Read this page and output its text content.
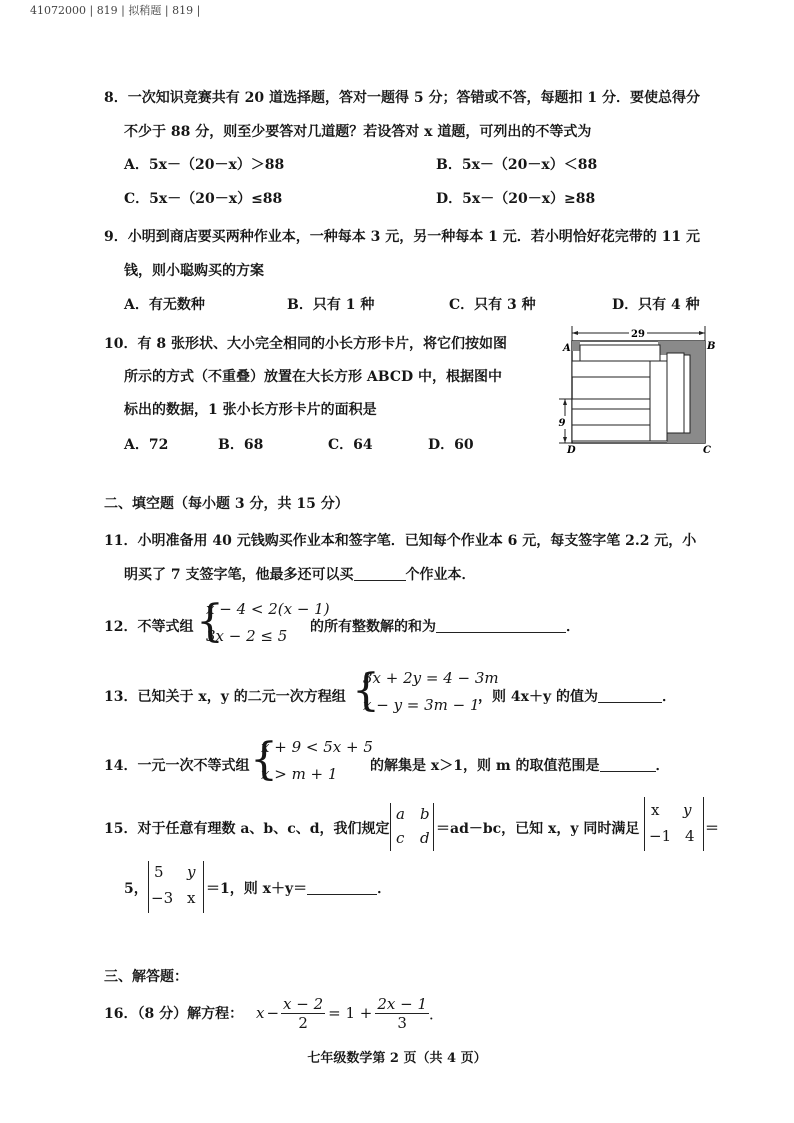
41072000 | 819 | 拟稍题 | 819 |
8．一次知识竞赛共有 20 道选择题，答对一题得 5 分；答错或不答，每题扣 1 分．要使总得分
不少于 88 分，则至少要答对几道题？若设答对 x 道题，可列出的不等式为
A．5x－（20－x）＞88	B．5x－（20－x）＜88
C．5x－（20－x）≤88	D．5x－（20－x）≥88
9．小明到商店要买两种作业本，一种每本 3 元，另一种每本 1 元．若小明恰好花完带的 11 元
钱，则小聪购买的方案
A．有无数种	B．只有 1 种	C．只有 3 种	D．只有 4 种
10．有 8 张形状、大小完全相同的小长方形卡片，将它们按如图
所示的方式（不重叠）放置在大长方形 ABCD 中，根据图中
标出的数据，1 张小长方形卡片的面积是
A．72	B．68	C．64	D．60
29
9
A	B
D	C
二、填空题（每小题 3 分，共 15 分）
11．小明准备用 40 元钱购买作业本和签字笔．已知每个作业本 6 元，每支签字笔 2.2 元，小
明买了 7 支签字笔，他最多还可以买	个作业本．
12．不等式组 {
x − 4 < 2(x − 1)
3x − 2 ≤ 5 的所有整数解的和为	．
13．已知关于 x，y 的二元一次方程组 {
3x + 2y = 4 − 3m
x − y = 3m − 1
，则 4x＋y 的值为	．
14．一元一次不等式组 {
x + 9 < 5x + 5
x > m + 1 的解集是 x＞1，则 m 的取值范围是	．
15．对于任意有理数 a、b、c、d，我们规定
a b
c d ＝ad－bc，已知 x，y 同时满足
x y
−1 4 ＝
5，
5 y
−3 x ＝1，则 x＋y＝	．
三、解答题：
16．（8 分）解方程： $x - \frac{x - 2}{2} = 1 + \frac{2x - 1}{3}$ ．
七年级数学第 2 页（共 4 页）
